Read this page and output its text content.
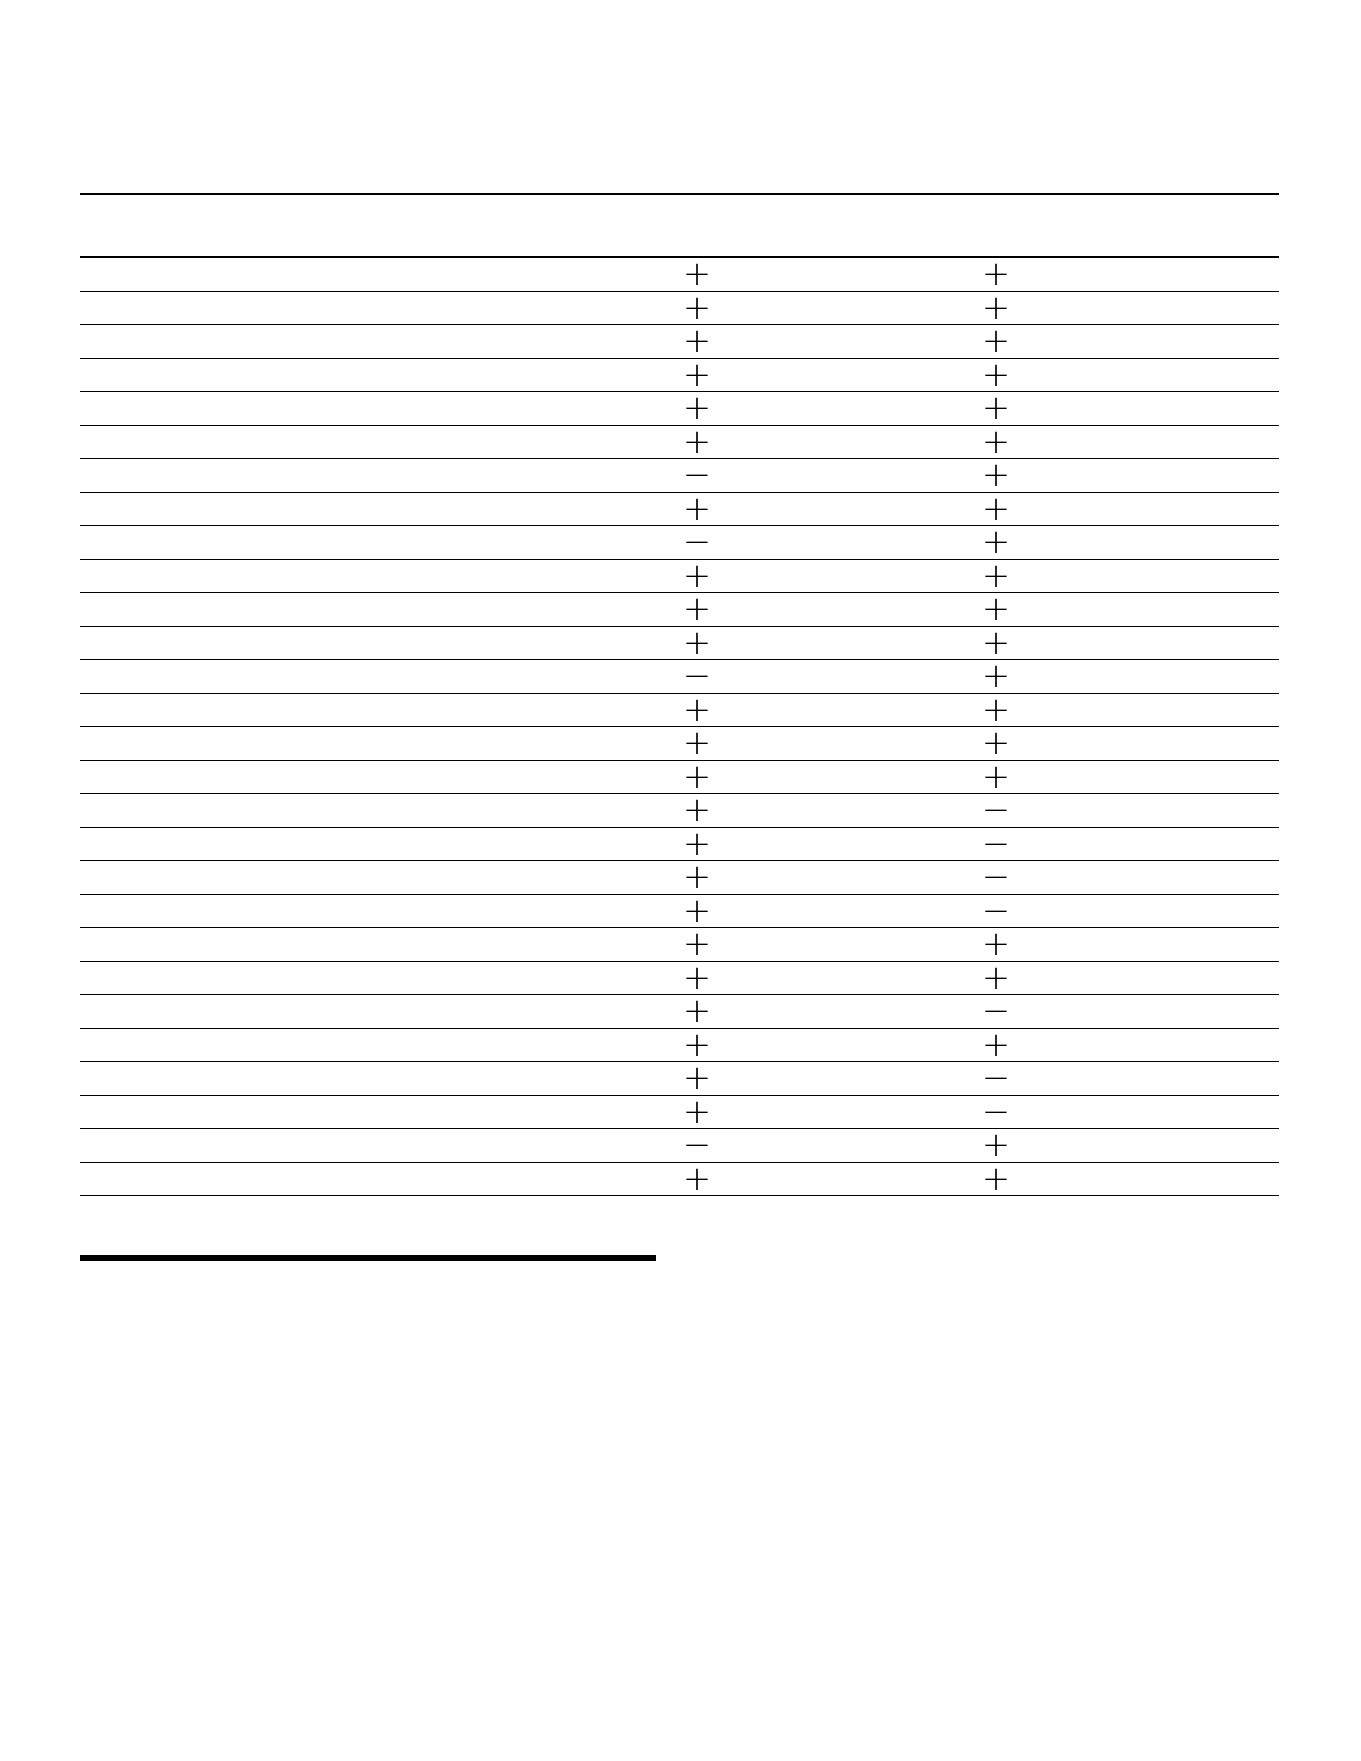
+	+
+	+
+	+
+	+
+	+
+	+
−	+
+	+
−	+
+	+
+	+
+	+
−	+
+	+
+	+
+	+
+	−
+	−
+	−
+	−
+	+
+	+
+	−
+	+
+	−
+	−
−	+
+	+
